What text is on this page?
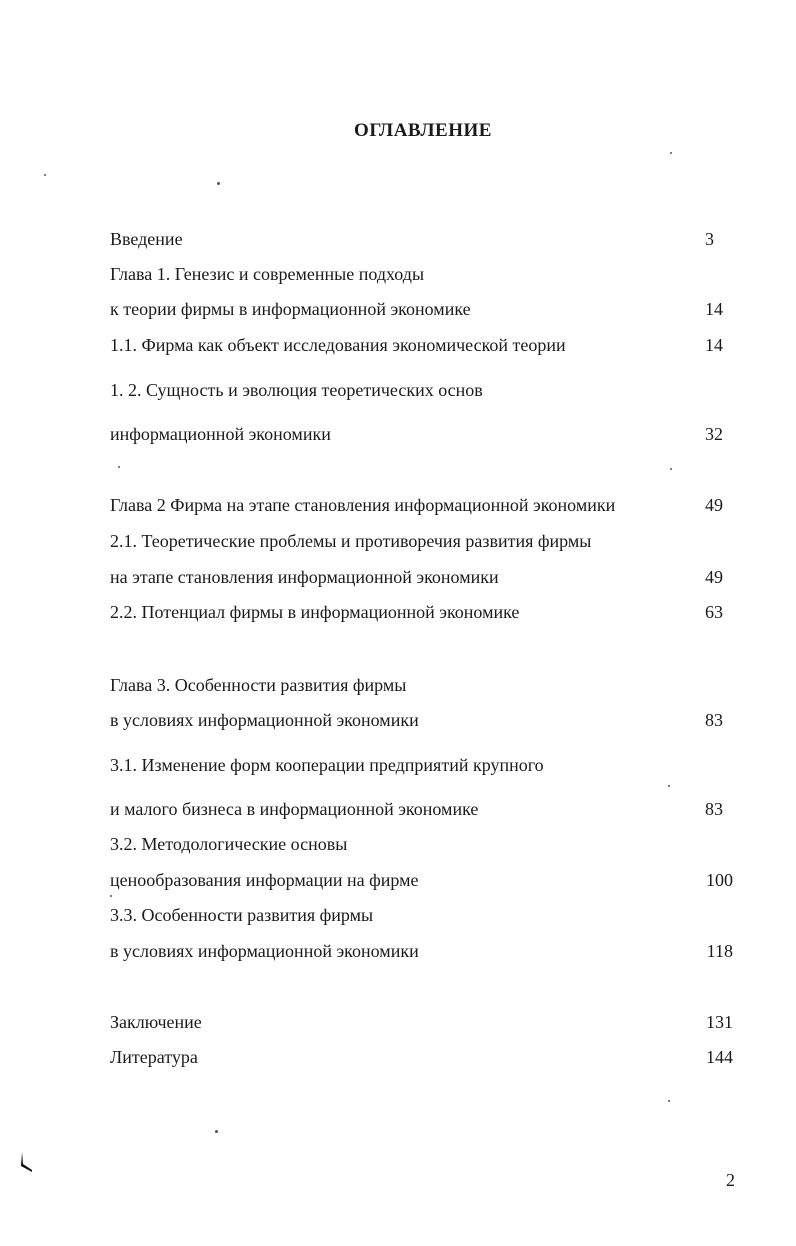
ОГЛАВЛЕНИЕ
Введение	3
Глава 1. Генезис и современные подходы
к теории фирмы в информационной экономике	14
1.1. Фирма как объект исследования экономической теории	14
1. 2. Сущность и эволюция теоретических основ
информационной экономики	32
Глава 2 Фирма на этапе становления информационной экономики	49
2.1. Теоретические проблемы и противоречия развития фирмы
на этапе становления информационной экономики	49
2.2. Потенциал фирмы в информационной экономике	63
Глава 3. Особенности развития фирмы
в условиях информационной экономики	83
3.1. Изменение форм кооперации предприятий крупного
и малого бизнеса в информационной экономике	83
3.2. Методологические основы
ценообразования информации на фирме	100
3.3. Особенности развития фирмы
в условиях информационной экономики	118
Заключение	131
Литература	144
2
